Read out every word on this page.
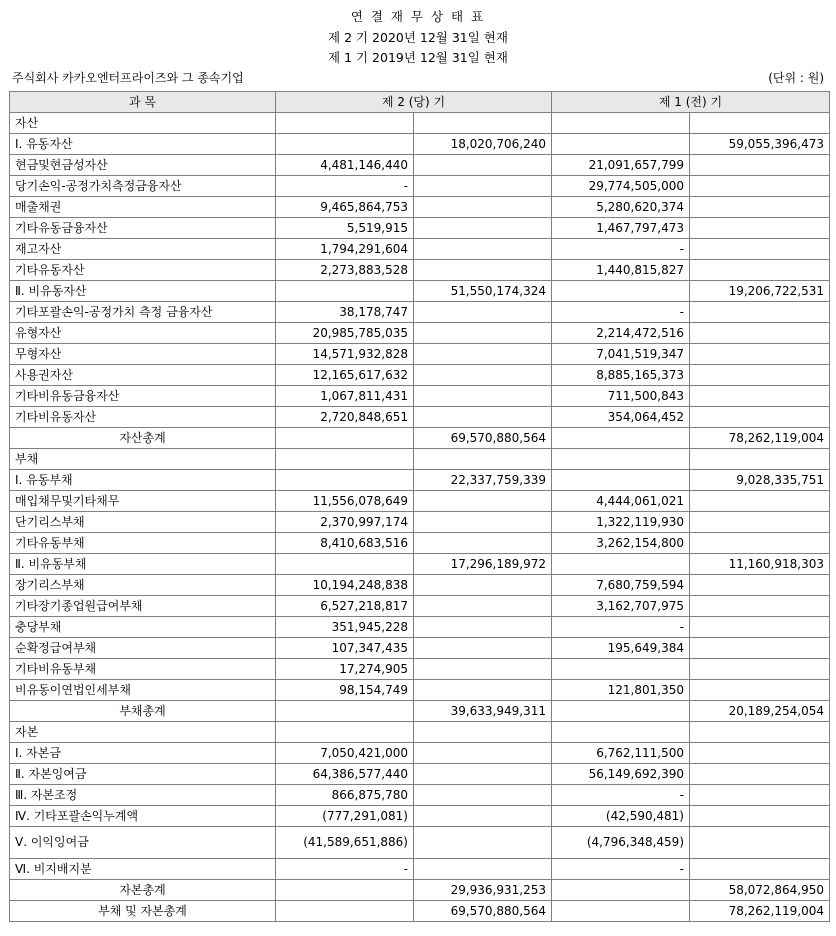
연 결 재 무 상 태 표
제 2 기 2020년 12월 31일 현재
제 1 기 2019년 12월 31일 현재
주식회사 카카오엔터프라이즈와 그 종속기업	(단위 : 원)
과 목	제 2 (당) 기		제 1 (전) 기	
자산				
Ⅰ. 유동자산		18,020,706,240		59,055,396,473
현금및현금성자산	4,481,146,440		21,091,657,799	
당기손익-공정가치측정금융자산	-		29,774,505,000	
매출채권	9,465,864,753		5,280,620,374	
기타유동금융자산	5,519,915		1,467,797,473	
재고자산	1,794,291,604		-	
기타유동자산	2,273,883,528		1,440,815,827	
Ⅱ. 비유동자산		51,550,174,324		19,206,722,531
기타포괄손익-공정가치 측정 금융자산	38,178,747		-	
유형자산	20,985,785,035		2,214,472,516	
무형자산	14,571,932,828		7,041,519,347	
사용권자산	12,165,617,632		8,885,165,373	
기타비유동금융자산	1,067,811,431		711,500,843	
기타비유동자산	2,720,848,651		354,064,452	
자산총계		69,570,880,564		78,262,119,004
부채				
Ⅰ. 유동부채		22,337,759,339		9,028,335,751
매입채무및기타채무	11,556,078,649		4,444,061,021	
단기리스부채	2,370,997,174		1,322,119,930	
기타유동부채	8,410,683,516		3,262,154,800	
Ⅱ. 비유동부채		17,296,189,972		11,160,918,303
장기리스부채	10,194,248,838		7,680,759,594	
기타장기종업원급여부채	6,527,218,817		3,162,707,975	
충당부채	351,945,228		-	
순확정급여부채	107,347,435		195,649,384	
기타비유동부채	17,274,905			
비유동이연법인세부채	98,154,749		121,801,350	
부채총계		39,633,949,311		20,189,254,054
자본				
Ⅰ. 자본금	7,050,421,000		6,762,111,500	
Ⅱ. 자본잉여금	64,386,577,440		56,149,692,390	
Ⅲ. 자본조정	866,875,780		-	
Ⅳ. 기타포괄손익누계액	(777,291,081)		(42,590,481)	
Ⅴ. 이익잉여금	(41,589,651,886)		(4,796,348,459)	
Ⅵ. 비지배지분	-		-	
자본총계		29,936,931,253		58,072,864,950
부채 및 자본총계		69,570,880,564		78,262,119,004
